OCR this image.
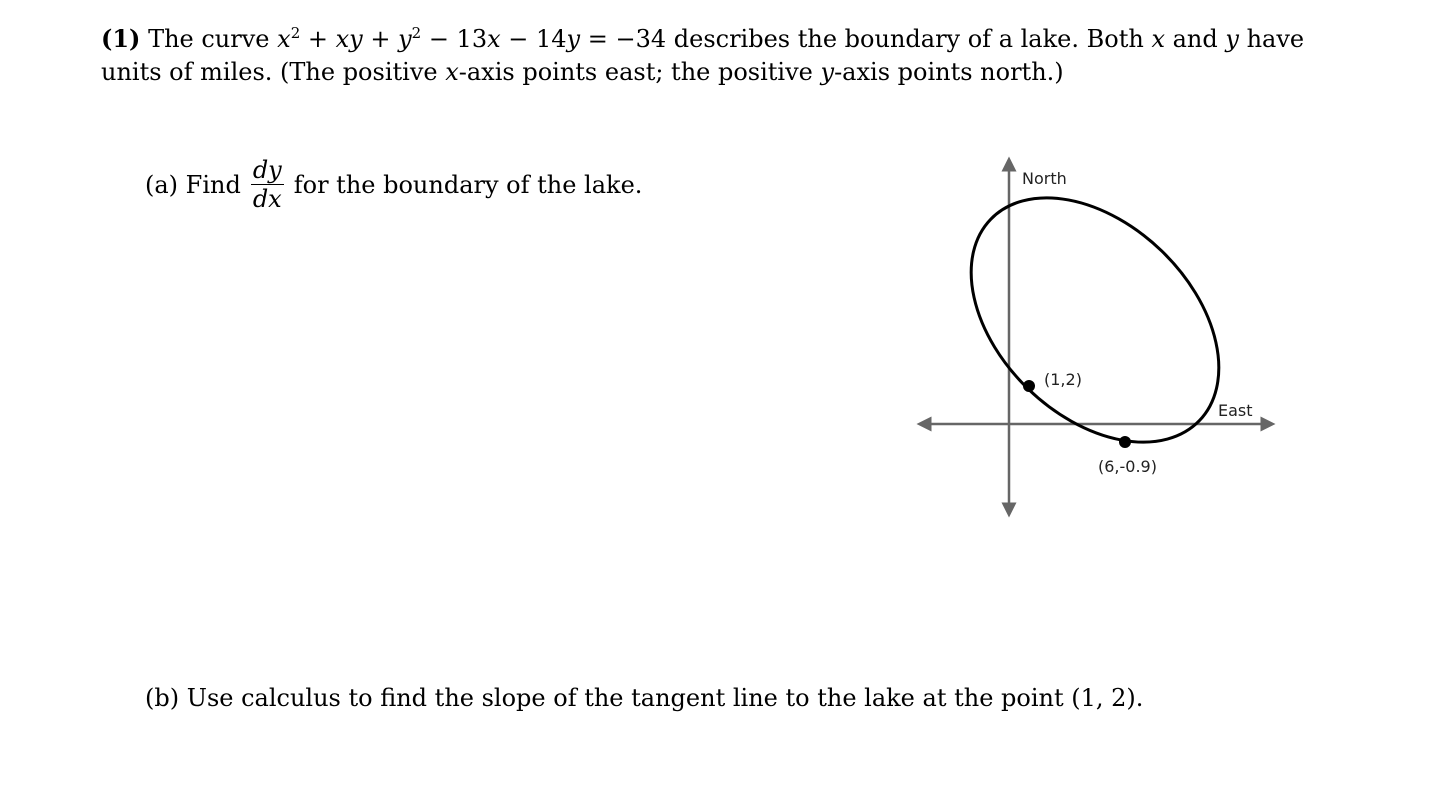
(1) The curve $x^2$ + xy + $y^2 - 13x - 14y = -34$ describes the boundary of a lake. Both x and y have
units of miles. (The positive x-axis points east; the positive y-axis points north.)
(a) Find $\frac{dy}{dx}$ for the boundary of the lake.	North
East
(1,2)
(6,-0.9)
(b) Use calculus to find the slope of the tangent line to the lake at the point (1, 2).
